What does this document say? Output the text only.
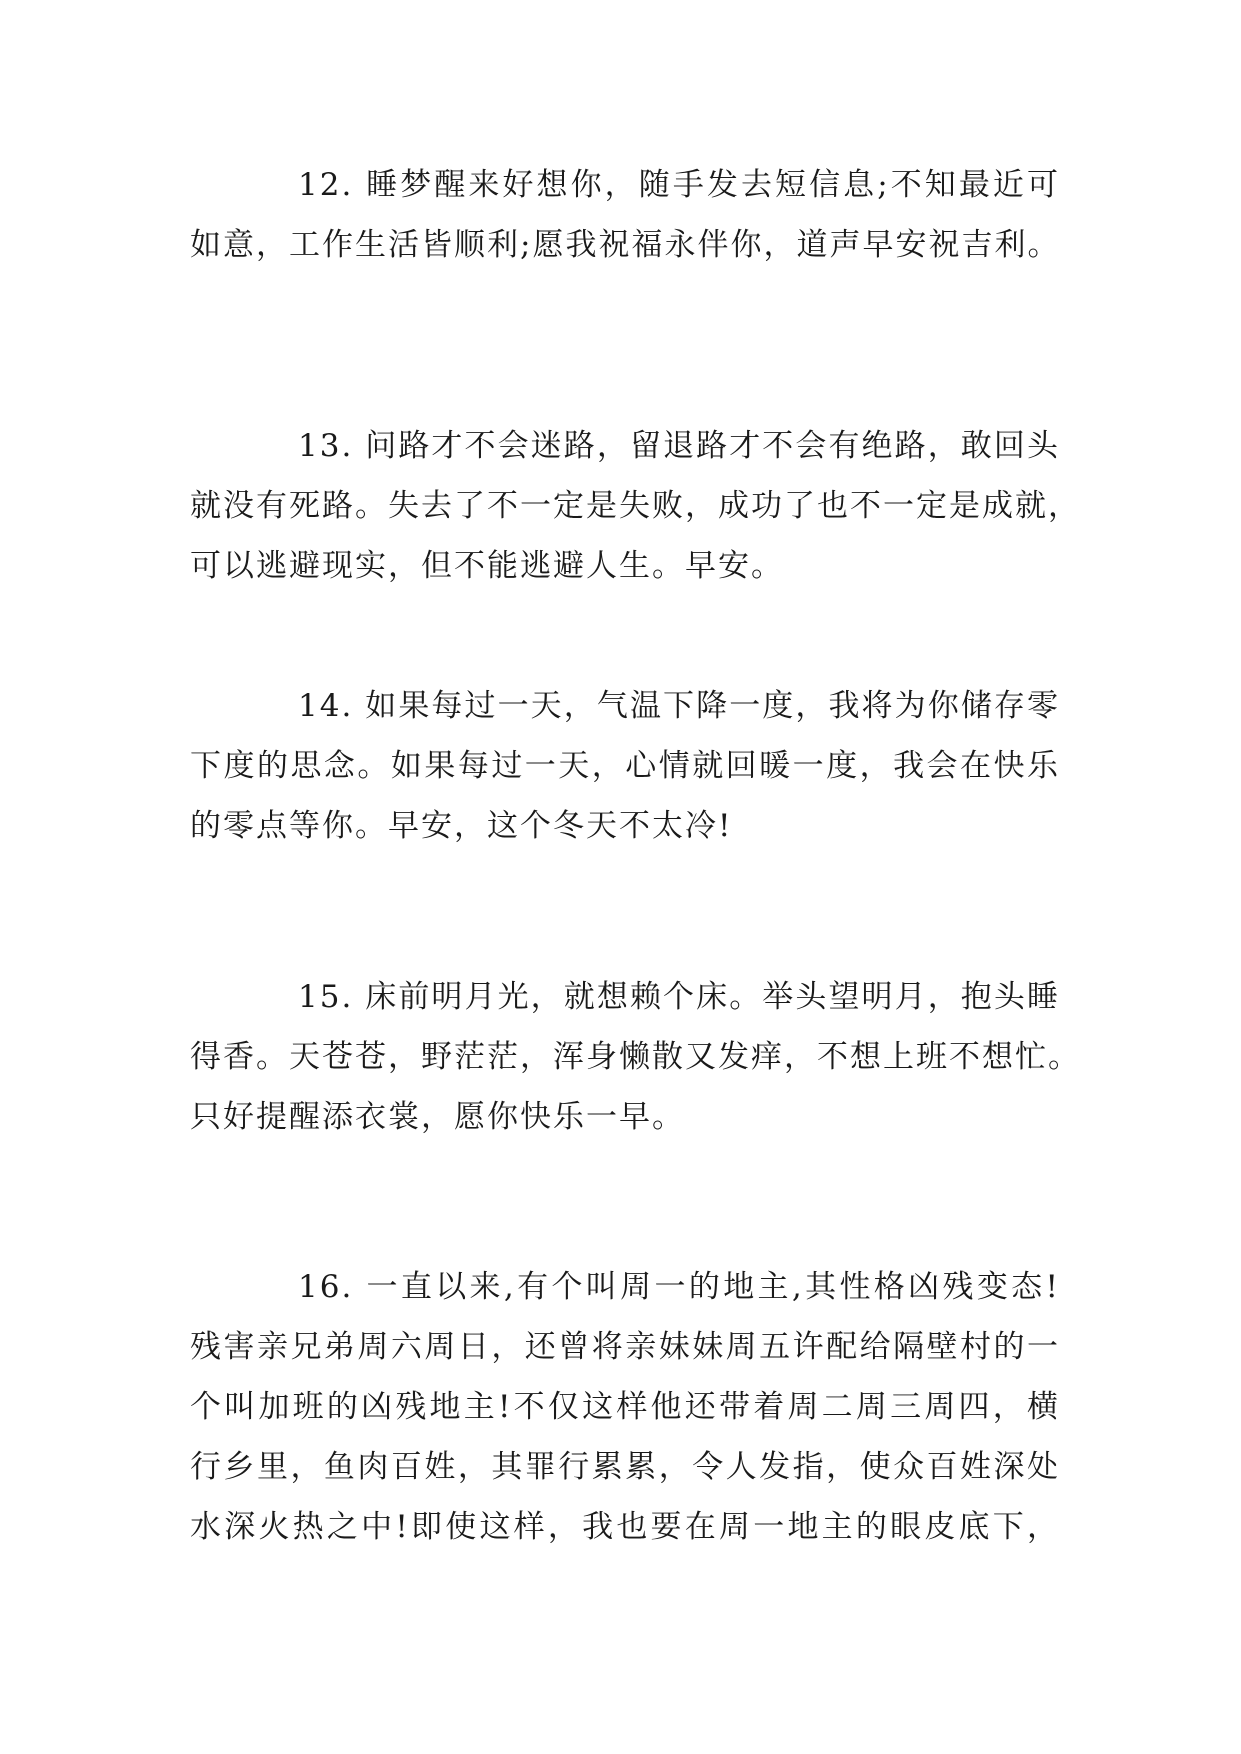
12. 睡梦醒来好想你，随手发去短信息;不知最近可
如意，工作生活皆顺利;愿我祝福永伴你，道声早安祝吉利。
13. 问路才不会迷路，留退路才不会有绝路，敢回头
就没有死路。失去了不一定是失败，成功了也不一定是成就，
可以逃避现实，但不能逃避人生。早安。
14. 如果每过一天，气温下降一度，我将为你储存零
下度的思念。如果每过一天，心情就回暖一度，我会在快乐
的零点等你。早安，这个冬天不太冷!
15. 床前明月光，就想赖个床。举头望明月，抱头睡
得香。天苍苍，野茫茫，浑身懒散又发痒，不想上班不想忙。
只好提醒添衣裳，愿你快乐一早。
16. 一直以来,有个叫周一的地主,其性格凶残变态!
残害亲兄弟周六周日，还曾将亲妹妹周五许配给隔壁村的一
个叫加班的凶残地主!不仅这样他还带着周二周三周四，横
行乡里，鱼肉百姓，其罪行累累，令人发指，使众百姓深处
水深火热之中!即使这样，我也要在周一地主的眼皮底下，
